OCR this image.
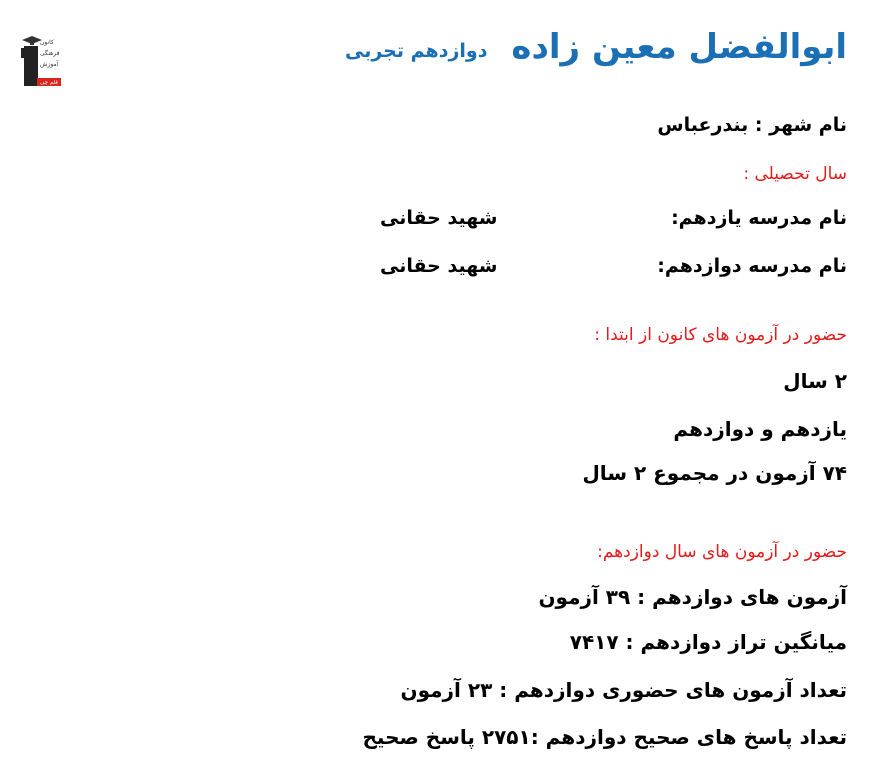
کانون
فرهنگی
آموزش
قلم چی
ابوالفضل معین زاده
دوازدهم تجربی
نام شهر : بندرعباس
سال تحصیلی :
نام مدرسه یازدهم:
شهید حقانی
نام مدرسه دوازدهم:
شهید حقانی
حضور در آزمون های کانون از ابتدا :
۲ سال
یازدهم و دوازدهم
۷۴ آزمون در مجموع ۲ سال
حضور در آزمون های سال دوازدهم:
آزمون های دوازدهم : ۳۹ آزمون
میانگین تراز دوازدهم : ۷۴۱۷
تعداد آزمون های حضوری دوازدهم : ۲۳ آزمون
تعداد پاسخ های صحیح دوازدهم :۲۷۵۱ پاسخ صحیح
